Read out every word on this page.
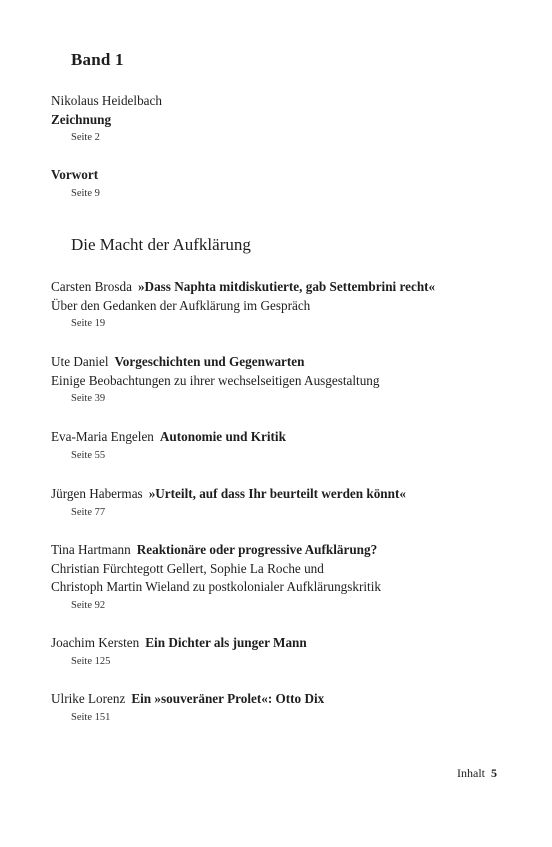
Band 1
Nikolaus Heidelbach
Zeichnung
Seite 2
Vorwort
Seite 9
Die Macht der Aufklärung
Carsten Brosda »Dass Naphta mitdiskutierte, gab Settembrini recht«
Über den Gedanken der Aufklärung im Gespräch
Seite 19
Ute Daniel Vorgeschichten und Gegenwarten
Einige Beobachtungen zu ihrer wechselseitigen Ausgestaltung
Seite 39
Eva-Maria Engelen Autonomie und Kritik
Seite 55
Jürgen Habermas »Urteilt, auf dass Ihr beurteilt werden könnt«
Seite 77
Tina Hartmann Reaktionäre oder progressive Aufklärung?
Christian Fürchtegott Gellert, Sophie La Roche und
Christoph Martin Wieland zu postkolonialer Aufklärungskritik
Seite 92
Joachim Kersten Ein Dichter als junger Mann
Seite 125
Ulrike Lorenz Ein »souveräner Prolet«: Otto Dix
Seite 151
Inhalt 5
